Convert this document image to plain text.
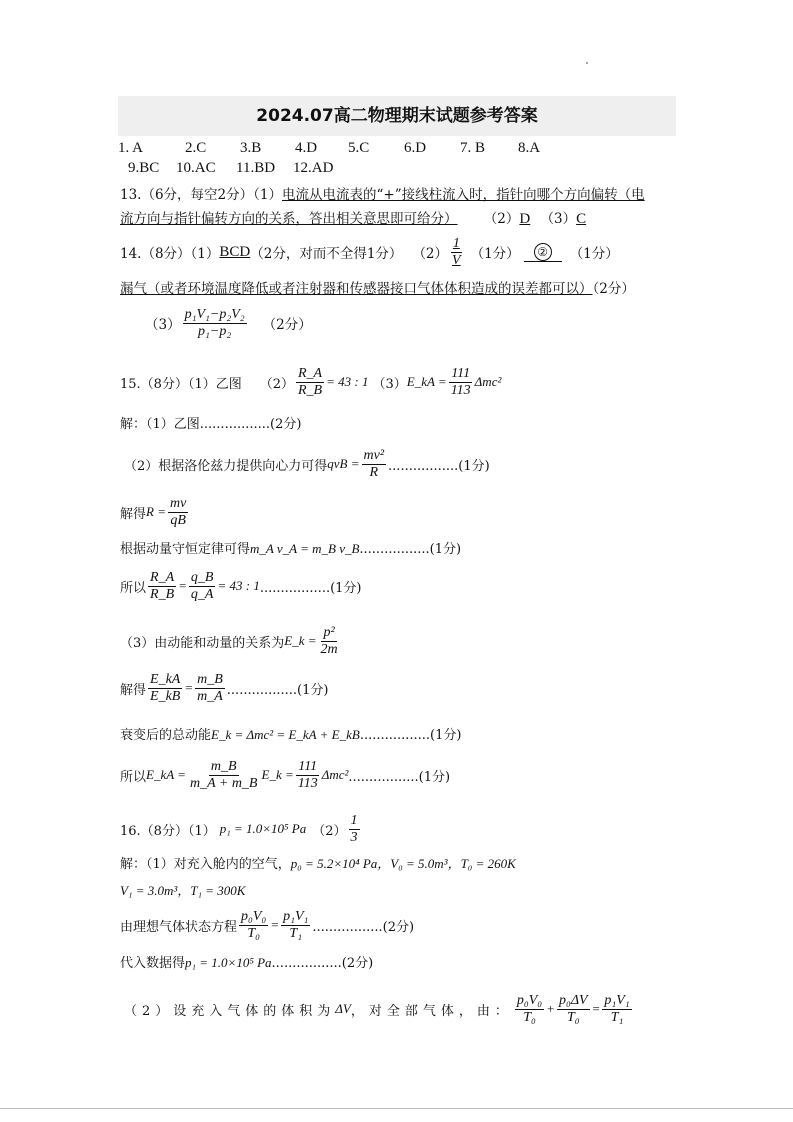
2024.07高二物理期末试题参考答案
1. A	2.C 3.B 4.D 5.C 6.D 7. B 8.A
9.BC 10.AC 11.BD 12.AD
13.（6分，每空2分）（1）电流从电流表的“+”接线柱流入时，指针向哪个方向偏转（电
流方向与指针偏转方向的关系，答出相关意思即可给分） （2）D （3）C
14.（8分）（1） BCD （2分，对而不全得1分） $(2) \frac{1}{V} (1$分）	②	（1分）
漏气（或者环境温度降低或者注射器和传感器接口气体体积造成的误差都可以）（2分）
$(3) \frac{\text{p₁V₁−p₂V₂}}{\text{p₁−p₂}} (2$分）
15.（8分）（1）乙图 $(2) \frac{R\_A}{R\_B} = 43$ : 1 （3） E_kA = $\frac{111}{113} \Delta mc^2$
解：（1）乙图.................(2分)
（2）根据洛伦兹力提供向心力可得 qvB = $\frac{\text{mv²}}{R} .................(1$分)
解得 $R = \frac{mv}{qB}$
根据动量守恒定律可得m_A v_A = m_B v_B.................(1分)
所以 $\frac{R\_A}{R\_B} = \frac{q\_B}{q\_A} = 43$ : 1 .................(1分)
（3）由动能和动量的关系为 E_k = $\frac{\text{p²}}{2m}$
解得 $\frac{E\_kA}{E\_kB} = \frac{m\_B}{m\_A} .................(1$分)
衰变后的总动能E_k = Δmc² = E_kA + E_kB.................(1分)
所以 E_kA = $\frac{m\_B}{m\_A + m\_B}$ E_k = $\frac{111}{113} \Delta mc^2$ .................(1分)
16.（8分）（1） p₁ = 1.0×10⁵ Pa $(2) \frac{1}{3}$
解：（1）对充入舱内的空气，p₀ = 5.2×10⁴ Pa，V₀ = 5.0m³，T₀ = 260K
V₁ = 3.0m³，T₁ = 300K
由理想气体状态方程 $\frac{\text{p₀V₀}}{\text{T₀}} = \frac{\text{p₁V₁}}{\text{T₁}} .................(2$分)
代入数据得p₁ = 1.0×10⁵ Pa.................(2分)
（2）设充入气体的体积为 ΔV ，对全部气体，由： $\frac{\text{p₀V₀}}{\text{T₀}} + \frac{\text{p₀ΔV}}{\text{T₀}} = \frac{\text{p₁V₁}}{\text{T₁}}$
